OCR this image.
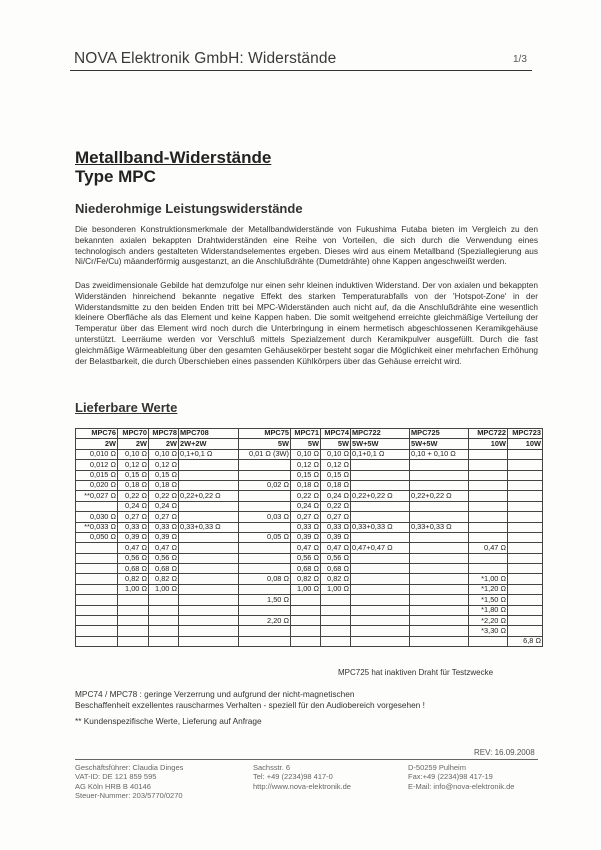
NOVA Elektronik GmbH: Widerstände	1/3
Metallband-Widerstände
Type MPC
Niederohmige Leistungswiderstände
Die besonderen Konstruktionsmerkmale der Metallbandwiderstände von Fukushima Futaba bieten im Vergleich zu den bekannten axialen bekappten Drahtwiderständen eine Reihe von Vorteilen, die sich durch die Verwendung eines technologisch anders gestalteten Widerstandselementes ergeben. Dieses wird aus einem Metallband (Speziallegierung aus Ni/Cr/Fe/Cu) mäanderförmig ausgestanzt, an die Anschlußdrähte (Dumetdrähte) ohne Kappen angeschweißt werden.
Das zweidimensionale Gebilde hat demzufolge nur einen sehr kleinen induktiven Widerstand. Der von axialen und bekappten Widerständen hinreichend bekannte negative Effekt des starken Temperaturabfalls von der 'Hotspot-Zone' in der Widerstandsmitte zu den beiden Enden tritt bei MPC-Widerständen auch nicht auf, da die Anschlußdrähte eine wesentlich kleinere Oberfläche als das Element und keine Kappen haben. Die somit weitgehend erreichte gleichmäßige Verteilung der Temperatur über das Element wird noch durch die Unterbringung in einem hermetisch abgeschlossenen Keramikgehäuse unterstützt. Leerräume werden vor Verschluß mittels Spezialzement durch Keramikpulver ausgefüllt. Durch die fast gleichmäßige Wärmeableitung über den gesamten Gehäusekörper besteht sogar die Möglichkeit einer mehrfachen Erhöhung der Belastbarkeit, die durch Überschieben eines passenden Kühlkörpers über das Gehäuse erreicht wird.
Lieferbare Werte
MPC76	MPC70	MPC78	MPC708	MPC75	MPC71	MPC74	MPC722	MPC725	MPC722	MPC723
2W	2W	2W	2W+2W	5W	5W	5W	5W+5W	5W+5W	10W	10W
0,010 Ω	0,10 Ω	0,10 Ω	0,1+0,1 Ω	0,01 Ω (3W)	0,10 Ω	0,10 Ω	0,1+0,1 Ω	0,10 + 0,10 Ω		
0,012 Ω	0,12 Ω	0,12 Ω			0,12 Ω	0,12 Ω				
0,015 Ω	0,15 Ω	0,15 Ω			0,15 Ω	0,15 Ω				
0,020 Ω	0,18 Ω	0,18 Ω		0,02 Ω	0,18 Ω	0,18 Ω				
**0,027 Ω	0,22 Ω	0,22 Ω	0,22+0,22 Ω		0,22 Ω	0,24 Ω	0,22+0,22 Ω	0,22+0,22 Ω		
	0,24 Ω	0,24 Ω			0,24 Ω	0,22 Ω				
0,030 Ω	0,27 Ω	0,27 Ω		0,03 Ω	0,27 Ω	0,27 Ω				
**0,033 Ω	0,33 Ω	0,33 Ω	0,33+0,33 Ω		0,33 Ω	0,33 Ω	0,33+0,33 Ω	0,33+0,33 Ω		
0,050 Ω	0,39 Ω	0,39 Ω		0,05 Ω	0,39 Ω	0,39 Ω				
	0,47 Ω	0,47 Ω			0,47 Ω	0,47 Ω	0,47+0,47 Ω		0,47 Ω	
	0,56 Ω	0,56 Ω			0,56 Ω	0,56 Ω				
	0,68 Ω	0,68 Ω			0,68 Ω	0,68 Ω				
	0,82 Ω	0,82 Ω		0,08 Ω	0,82 Ω	0,82 Ω			*1,00 Ω	
	1,00 Ω	1,00 Ω			1,00 Ω	1,00 Ω			*1,20 Ω	
				1,50 Ω					*1,50 Ω	
									*1,80 Ω	
				2,20 Ω					*2,20 Ω	
									*3,30 Ω	
										6,8 Ω
MPC725 hat inaktiven Draht für Testzwecke
MPC74 / MPC78 : geringe Verzerrung und aufgrund der nicht-magnetischen
Beschaffenheit exzellentes rauscharmes Verhalten - speziell für den Audiobereich vorgesehen !
** Kundenspezifische Werte, Lieferung auf Anfrage
REV: 16.09.2008
Geschäftsführer: Claudia Dinges
VAT-ID: DE 121 859 595
AG Köln HRB B 40146
Steuer-Nummer: 203/5770/0270
Sachsstr. 6
Tel: +49 (2234)98 417-0
http://www.nova-elektronik.de
D-50259 Pulheim
Fax:+49 (2234)98 417-19
E-Mail: info@nova-elektronik.de
